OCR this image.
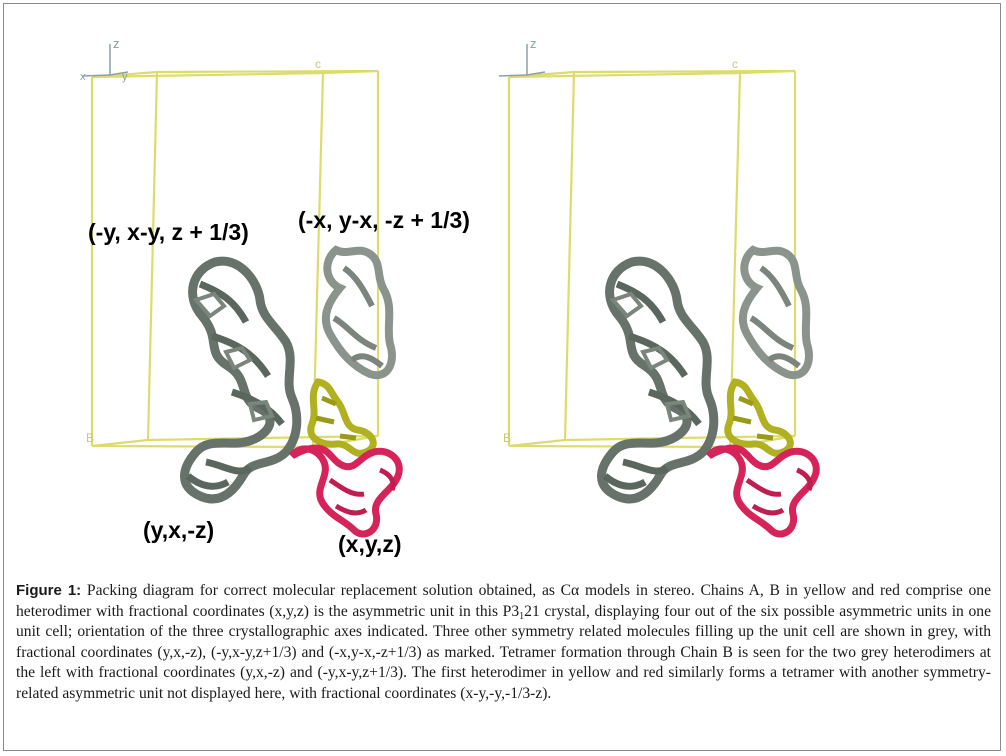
z
x	y
c
B
z
c
B
(-y, x-y, z + 1/3) (-x, y-x, -z + 1/3)
(y,x,-z)
(x,y,z)
Figure 1: Packing diagram for correct molecular replacement solution obtained, as Cα models in stereo. Chains A, B in yellow and red comprise one heterodimer with fractional coordinates (x,y,z) is the asymmetric unit in this $P3_121$ crystal, displaying four out of the six possible asymmetric units in one unit cell; orientation of the three crystallographic axes indicated. Three other symmetry related molecules filling up the unit cell are shown in grey, with fractional coordinates (y,x,-z), (-y,x-y,z+1/3) and (-x,y-x,-z+1/3) as marked. Tetramer formation through Chain B is seen for the two grey heterodimers at the left with fractional coordinates (y,x,-z) and (-y,x-y,z+1/3). The first heterodimer in yellow and red similarly forms a tetramer with another symmetry-related asymmetric unit not displayed here, with fractional coordinates (x-y,-y,-1/3-z).
